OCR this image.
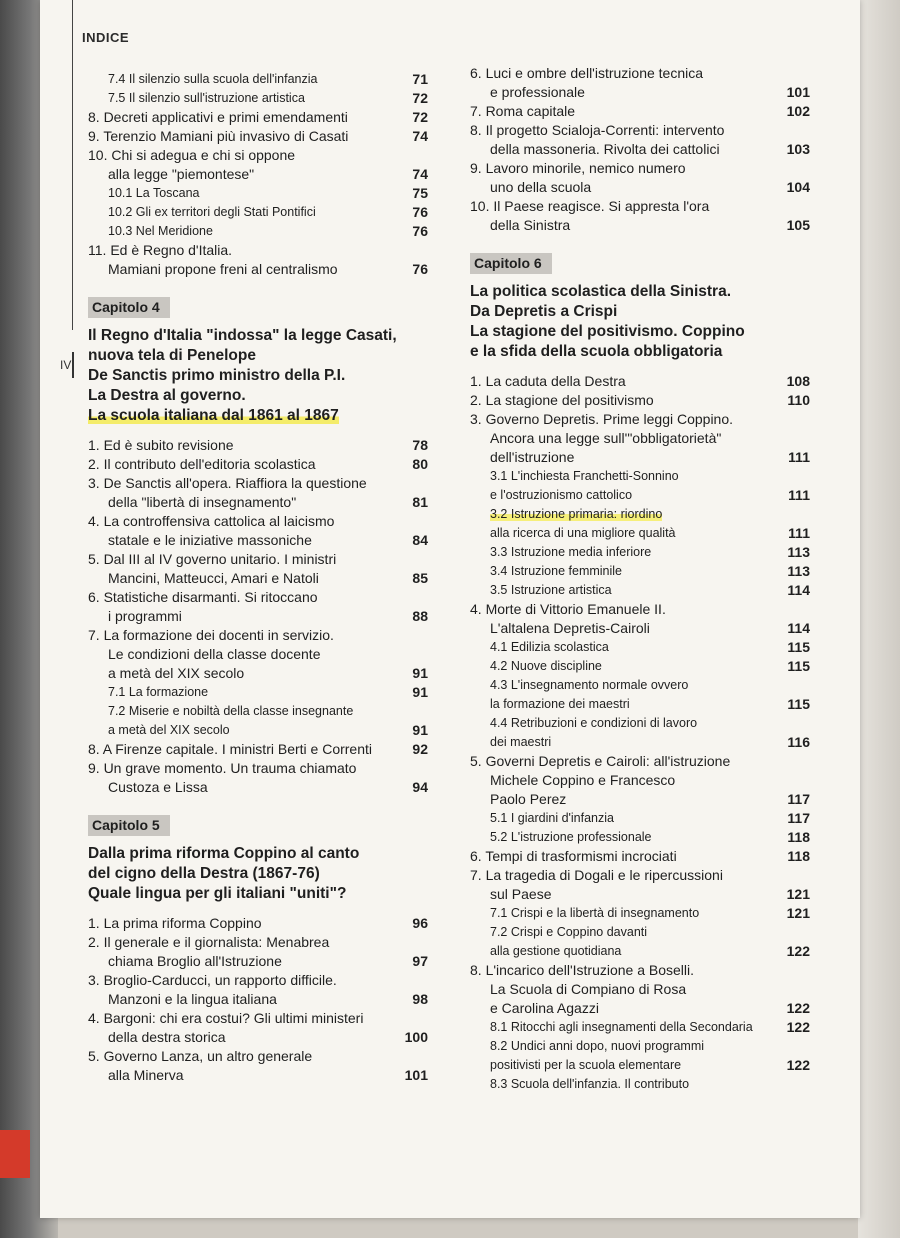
INDICE
IV
7.4 Il silenzio sulla scuola dell'infanzia	71
7.5 Il silenzio sull'istruzione artistica	72
8. Decreti applicativi e primi emendamenti	72
9. Terenzio Mamiani più invasivo di Casati	74
10. Chi si adegua e chi si oppone
alla legge "piemontese"	74
10.1 La Toscana	75
10.2 Gli ex territori degli Stati Pontifici	76
10.3 Nel Meridione	76
11. Ed è Regno d'Italia.
Mamiani propone freni al centralismo	76
Capitolo 4
Il Regno d'Italia "indossa" la legge Casati,
nuova tela di Penelope
De Sanctis primo ministro della P.I.
La Destra al governo.
La scuola italiana dal 1861 al 1867
1. Ed è subito revisione	78
2. Il contributo dell'editoria scolastica	80
3. De Sanctis all'opera. Riaffiora la questione
della "libertà di insegnamento"	81
4. La controffensiva cattolica al laicismo
statale e le iniziative massoniche	84
5. Dal III al IV governo unitario. I ministri
Mancini, Matteucci, Amari e Natoli	85
6. Statistiche disarmanti. Si ritoccano
i programmi	88
7. La formazione dei docenti in servizio.
Le condizioni della classe docente
a metà del XIX secolo	91
7.1 La formazione	91
7.2 Miserie e nobiltà della classe insegnante
a metà del XIX secolo	91
8. A Firenze capitale. I ministri Berti e Correnti	92
9. Un grave momento. Un trauma chiamato
Custoza e Lissa	94
Capitolo 5
Dalla prima riforma Coppino al canto
del cigno della Destra (1867-76)
Quale lingua per gli italiani "uniti"?
1. La prima riforma Coppino	96
2. Il generale e il giornalista: Menabrea
chiama Broglio all'Istruzione	97
3. Broglio-Carducci, un rapporto difficile.
Manzoni e la lingua italiana	98
4. Bargoni: chi era costui? Gli ultimi ministeri
della destra storica	100
5. Governo Lanza, un altro generale
alla Minerva	101
6. Luci e ombre dell'istruzione tecnica
e professionale	101
7. Roma capitale	102
8. Il progetto Scialoja-Correnti: intervento
della massoneria. Rivolta dei cattolici	103
9. Lavoro minorile, nemico numero
uno della scuola	104
10. Il Paese reagisce. Si appresta l'ora
della Sinistra	105
Capitolo 6
La politica scolastica della Sinistra.
Da Depretis a Crispi
La stagione del positivismo. Coppino
e la sfida della scuola obbligatoria
1. La caduta della Destra	108
2. La stagione del positivismo	110
3. Governo Depretis. Prime leggi Coppino.
Ancora una legge sull'"obbligatorietà"
dell'istruzione	111
3.1 L'inchiesta Franchetti-Sonnino
e l'ostruzionismo cattolico	111
3.2 Istruzione primaria: riordino
alla ricerca di una migliore qualità	111
3.3 Istruzione media inferiore	113
3.4 Istruzione femminile	113
3.5 Istruzione artistica	114
4. Morte di Vittorio Emanuele II.
L'altalena Depretis-Cairoli	114
4.1 Edilizia scolastica	115
4.2 Nuove discipline	115
4.3 L'insegnamento normale ovvero
la formazione dei maestri	115
4.4 Retribuzioni e condizioni di lavoro
dei maestri	116
5. Governi Depretis e Cairoli: all'istruzione
Michele Coppino e Francesco
Paolo Perez	117
5.1 I giardini d'infanzia	117
5.2 L'istruzione professionale	118
6. Tempi di trasformismi incrociati	118
7. La tragedia di Dogali e le ripercussioni
sul Paese	121
7.1 Crispi e la libertà di insegnamento	121
7.2 Crispi e Coppino davanti
alla gestione quotidiana	122
8. L'incarico dell'Istruzione a Boselli.
La Scuola di Compiano di Rosa
e Carolina Agazzi	122
8.1 Ritocchi agli insegnamenti della Secondaria	122
8.2 Undici anni dopo, nuovi programmi
positivisti per la scuola elementare	122
8.3 Scuola dell'infanzia. Il contributo
